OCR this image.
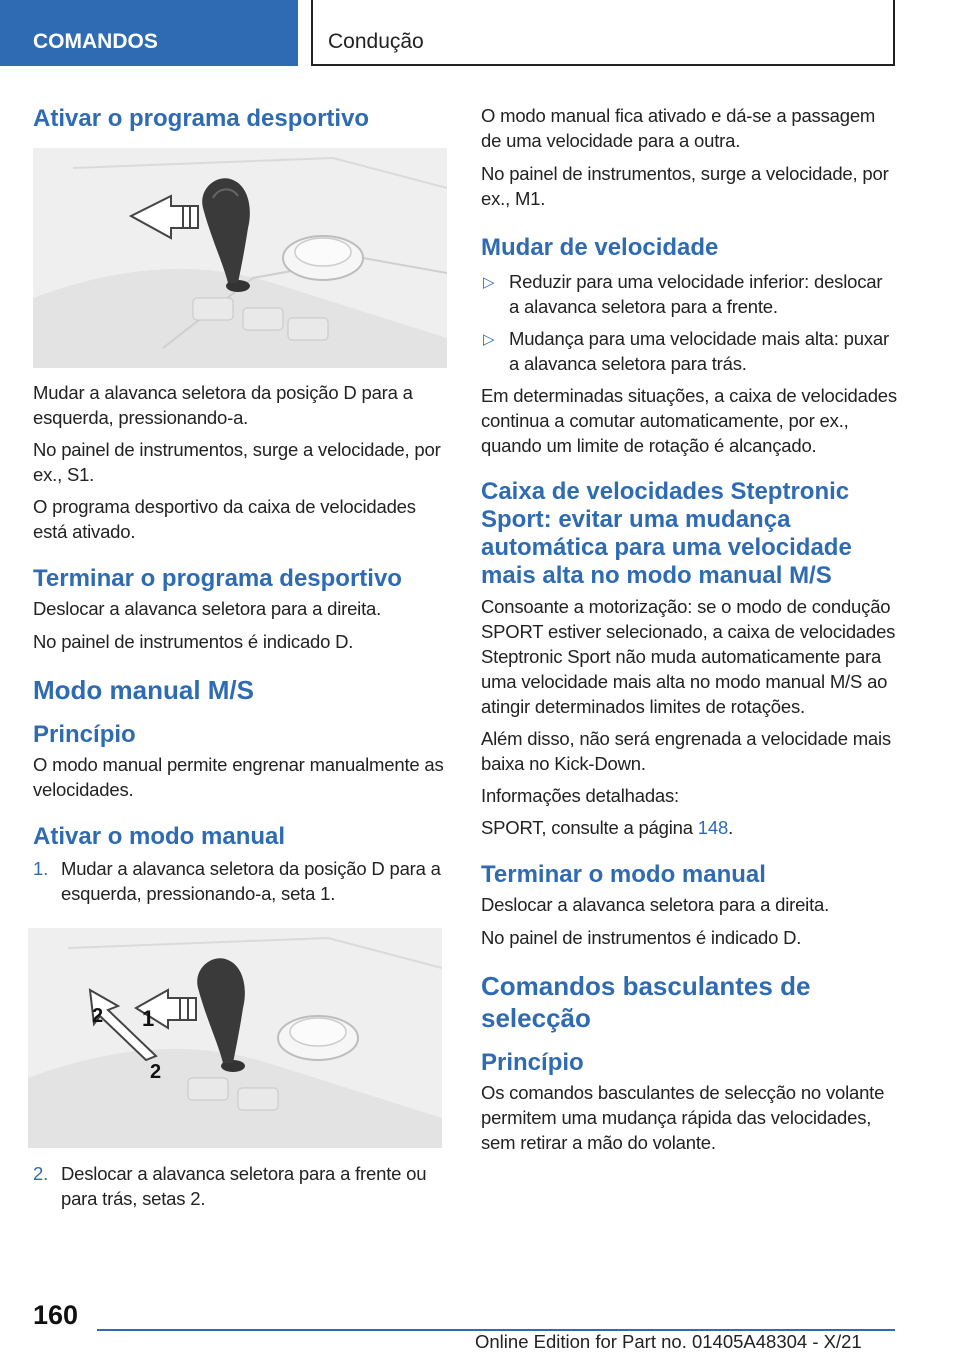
COMANDOS	Condução
Ativar o programa desportivo
Mudar a alavanca seletora da posição D para a esquerda, pressionando-a.
No painel de instrumentos, surge a velocidade, por ex., S1.
O programa desportivo da caixa de velocidades está ativado.
Terminar o programa desportivo
Deslocar a alavanca seletora para a direita.
No painel de instrumentos é indicado D.
Modo manual M/S
Princípio
O modo manual permite engrenar manualmente as velocidades.
Ativar o modo manual
1. Mudar a alavanca seletora da posição D para a esquerda, pressionando-a, seta 1.
2 1
2
2. Deslocar a alavanca seletora para a frente ou para trás, setas 2.
O modo manual fica ativado e dá-se a passagem de uma velocidade para a outra.
No painel de instrumentos, surge a velocidade, por ex., M1.
Mudar de velocidade
▷ Reduzir para uma velocidade inferior: deslocar a alavanca seletora para a frente.
▷ Mudança para uma velocidade mais alta: puxar a alavanca seletora para trás.
Em determinadas situações, a caixa de velocidades continua a comutar automaticamente, por ex., quando um limite de rotação é alcançado.
Caixa de velocidades Steptronic Sport: evitar uma mudança automática para uma velocidade mais alta no modo manual M/S
Consoante a motorização: se o modo de condução SPORT estiver selecionado, a caixa de velocidades Steptronic Sport não muda automaticamente para uma velocidade mais alta no modo manual M/S ao atingir determinados limites de rotações.
Além disso, não será engrenada a velocidade mais baixa no Kick-Down.
Informações detalhadas:
SPORT, consulte a página 148.
Terminar o modo manual
Deslocar a alavanca seletora para a direita.
No painel de instrumentos é indicado D.
Comandos basculantes de selecção
Princípio
Os comandos basculantes de selecção no volante permitem uma mudança rápida das velocidades, sem retirar a mão do volante.
160
Online Edition for Part no. 01405A48304 - X/21
